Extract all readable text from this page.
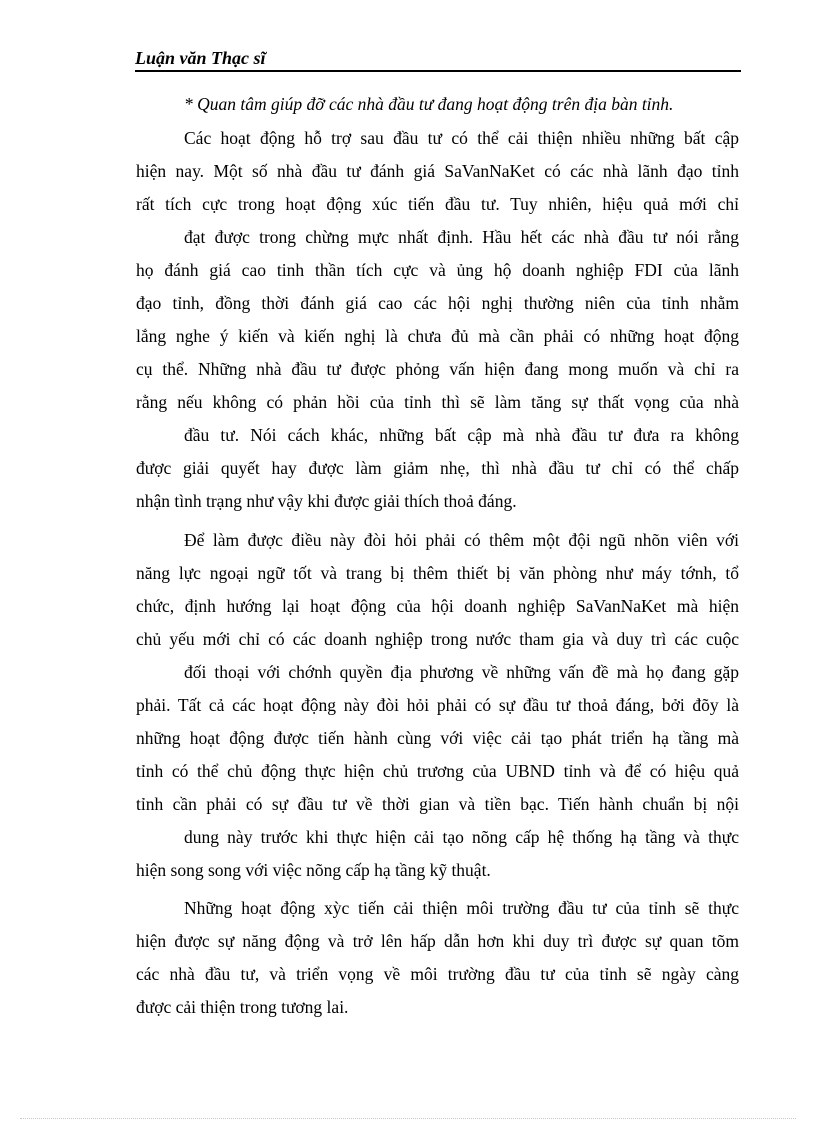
Luận văn Thạc sĩ
* Quan tâm giúp đỡ các nhà đầu tư đang hoạt động trên địa bàn tỉnh.
Các hoạt động hỗ trợ sau đầu tư có thể cải thiện nhiều những bất cập
hiện nay. Một số nhà đầu tư đánh giá SaVanNaKet có các nhà lãnh đạo tỉnh
rất tích cực trong hoạt động xúc tiến đầu tư. Tuy nhiên, hiệu quả mới chỉ
đạt được trong chừng mực nhất định. Hầu hết các nhà đầu tư nói rằng
họ đánh giá cao tinh thần tích cực và ủng hộ doanh nghiệp FDI của lãnh
đạo tỉnh, đồng thời đánh giá cao các hội nghị thường niên của tỉnh nhằm
lắng nghe ý kiến và kiến nghị là chưa đủ mà cần phải có những hoạt động
cụ thể. Những nhà đầu tư được phỏng vấn hiện đang mong muốn và chỉ ra
rằng nếu không có phản hồi của tỉnh thì sẽ làm tăng sự thất vọng của nhà
đầu tư. Nói cách khác, những bất cập mà nhà đầu tư đưa ra không
được giải quyết hay được làm giảm nhẹ, thì nhà đầu tư chỉ có thể chấp
nhận tình trạng như vậy khi được giải thích thoả đáng.
Để làm được điều này đòi hỏi phải có thêm một đội ngũ nhõn viên với
năng lực ngoại ngữ tốt và trang bị thêm thiết bị văn phòng như máy tớnh, tổ
chức, định hướng lại hoạt động của hội doanh nghiệp SaVanNaKet mà hiện
chủ yếu mới chỉ có các doanh nghiệp trong nước tham gia và duy trì các cuộc
đối thoại với chớnh quyền địa phương về những vấn đề mà họ đang gặp
phải. Tất cả các hoạt động này đòi hỏi phải có sự đầu tư thoả đáng, bởi đõy là
những hoạt động được tiến hành cùng với việc cải tạo phát triển hạ tầng mà
tỉnh có thể chủ động thực hiện chủ trương của UBND tỉnh và để có hiệu quả
tỉnh cần phải có sự đầu tư về thời gian và tiền bạc. Tiến hành chuẩn bị nội
dung này trước khi thực hiện cải tạo nõng cấp hệ thống hạ tầng và thực
hiện song song với việc nõng cấp hạ tầng kỹ thuật.
Những hoạt động xỳc tiến cải thiện môi trường đầu tư của tỉnh sẽ thực
hiện được sự năng động và trở lên hấp dẫn hơn khi duy trì được sự quan tõm
các nhà đầu tư, và triển vọng về môi trường đầu tư của tỉnh sẽ ngày càng
được cải thiện trong tương lai.
